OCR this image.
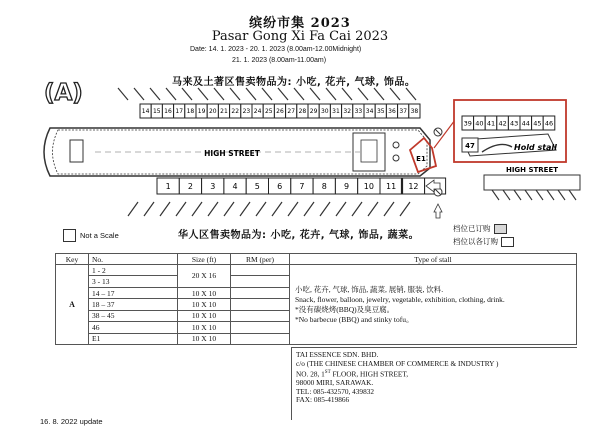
缤纷市集 2023
Pasar Gong Xi Fa Cai 2023
Date: 14. 1. 2023 - 20. 1. 2023 (8.00am-12.00Midnight)
21. 1. 2023 (8.00am-11.00am)
马来及土著区售卖物品为: 小吃, 花卉, 气球, 饰品。
(A)
14 15 16 17 18 19 20 21 22 23 24 25 26 27 28 29 30 31 32 33 34 35 36 37 38
HIGH STREET
E1
1 2 3 4 5 6 7 8 9 10 11 12
39 40 41 42 43 44 45 46
47	Hold stall
HIGH STREET
Not a Scale	华人区售卖物品为: 小吃, 花卉, 气球, 饰品, 蔬菜。
档位已订购
档位以各订购
Key	No.	Size (ft)	RM (per)	Type of stall
A	1 - 2	20 X 16		小吃, 花卉, 气球, 饰品, 蔬菜, 展销, 服装, 饮料.
Snack, flower, balloon, jewelry, vegetable, exhibition, clothing, drink.
*没有碳烧烤(BBQ)及臭豆腐。
*No barbecue (BBQ) and stinky tofu。

	3 - 13			
	14 – 17	10 X 10		
	18 – 37	10 X 10		
	38 – 45	10 X 10		
	46	10 X 10		
	E1	10 X 10		
TAI ESSENCE SDN. BHD.
c/o (THE CHINESE CHAMBER OF COMMERCE & INDUSTRY )
NO. 28, 1ST FLOOR, HIGH STREET,
98000 MIRI, SARAWAK.
TEL: 085-432570, 439832
FAX: 085-419866
16. 8. 2022 update
